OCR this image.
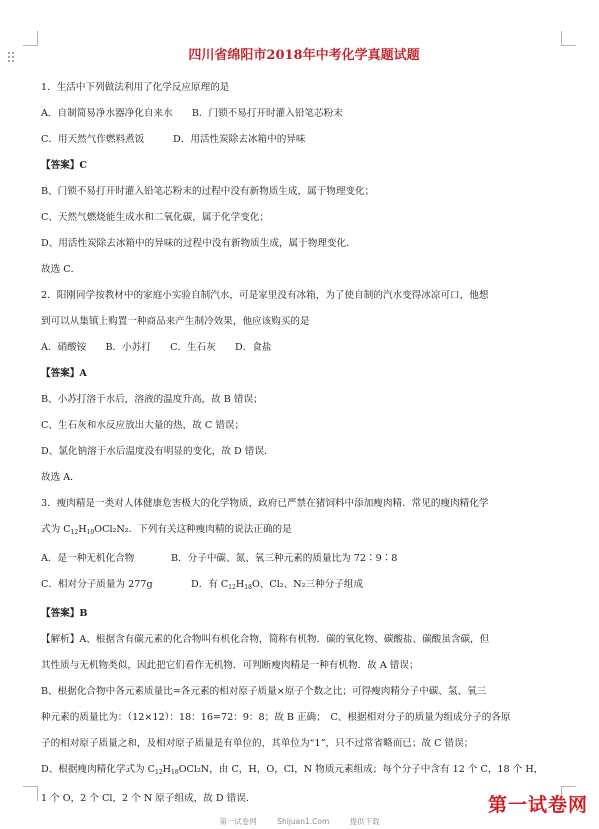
四川省绵阳市2018年中考化学真题试题

1．生活中下列做法利用了化学反应原理的是

A．自制简易净水器净化自来水　　B．门锁不易打开时灌入铅笔芯粉末

C．用天然气作燃料煮饭　　　D．用活性炭除去冰箱中的异味

【答案】C

B、门锁不易打开时灌入铅笔芯粉末的过程中没有新物质生成，属于物理变化；

C、天然气燃烧能生成水和二氧化碳，属于化学变化；

D、用活性炭除去冰箱中的异味的过程中没有新物质生成，属于物理变化．

故选 C．

2．阳刚同学按教材中的家庭小实验自制汽水，可是家里没有冰箱，为了使自制的汽水变得冰凉可口，他想

到可以从集镇上购置一种商品来产生制冷效果，他应该购买的是

A．硝酸铵　　B．小苏打　　C．生石灰　　D．食盐

【答案】A

B、小苏打溶于水后，溶液的温度升高，故 B 错误；

C、生石灰和水反应放出大量的热，故 C 错误；

D、氯化钠溶于水后温度没有明显的变化，故 D 错误．

故选 A．

3．瘦肉精是一类对人体健康危害极大的化学物质，政府已严禁在猪饲料中添加瘦肉精．常见的瘦肉精化学

式为 $C_{12}H_{19}OCl_2N_2$．下列有关这种瘦肉精的说法正确的是

A．是一种无机化合物	B．分子中碳、氮、氧三种元素的质量比为 72∶9∶8

C．相对分子质量为 277g	D．有 $C_{12}H_{18}O$、Cl₂、N₂三种分子组成

【答案】B

【解析】A、根据含有碳元素的化合物叫有机化合物，简称有机物．碳的氧化物、碳酸盐、碳酸虽含碳，但

其性质与无机物类似，因此把它们看作无机物．可判断瘦肉精是一种有机物．故 A 错误；

B、根据化合物中各元素质量比=各元素的相对原子质量×原子个数之比；可得瘦肉精分子中碳、氢、氧三

种元素的质量比为：（12×12）：18：16=72：9：8；故 B 正确；　C、根据相对分子的质量为组成分子的各原

子的相对原子质量之和，及相对原子质量是有单位的，其单位为“1”，只不过常省略而已；故 C 错误；

D、根据瘦肉精化学式为 $C_{12}H_{18}OCl_2N$，由 C，H，O，Cl，N 物质元素组成；每个分子中含有 12 个 C，18 个 H，

1 个 O，2 个 Cl，2 个 N 原子组成，故 D 错误．	第一试卷网
第一试卷网	Shijuan1.Com	提供下载
